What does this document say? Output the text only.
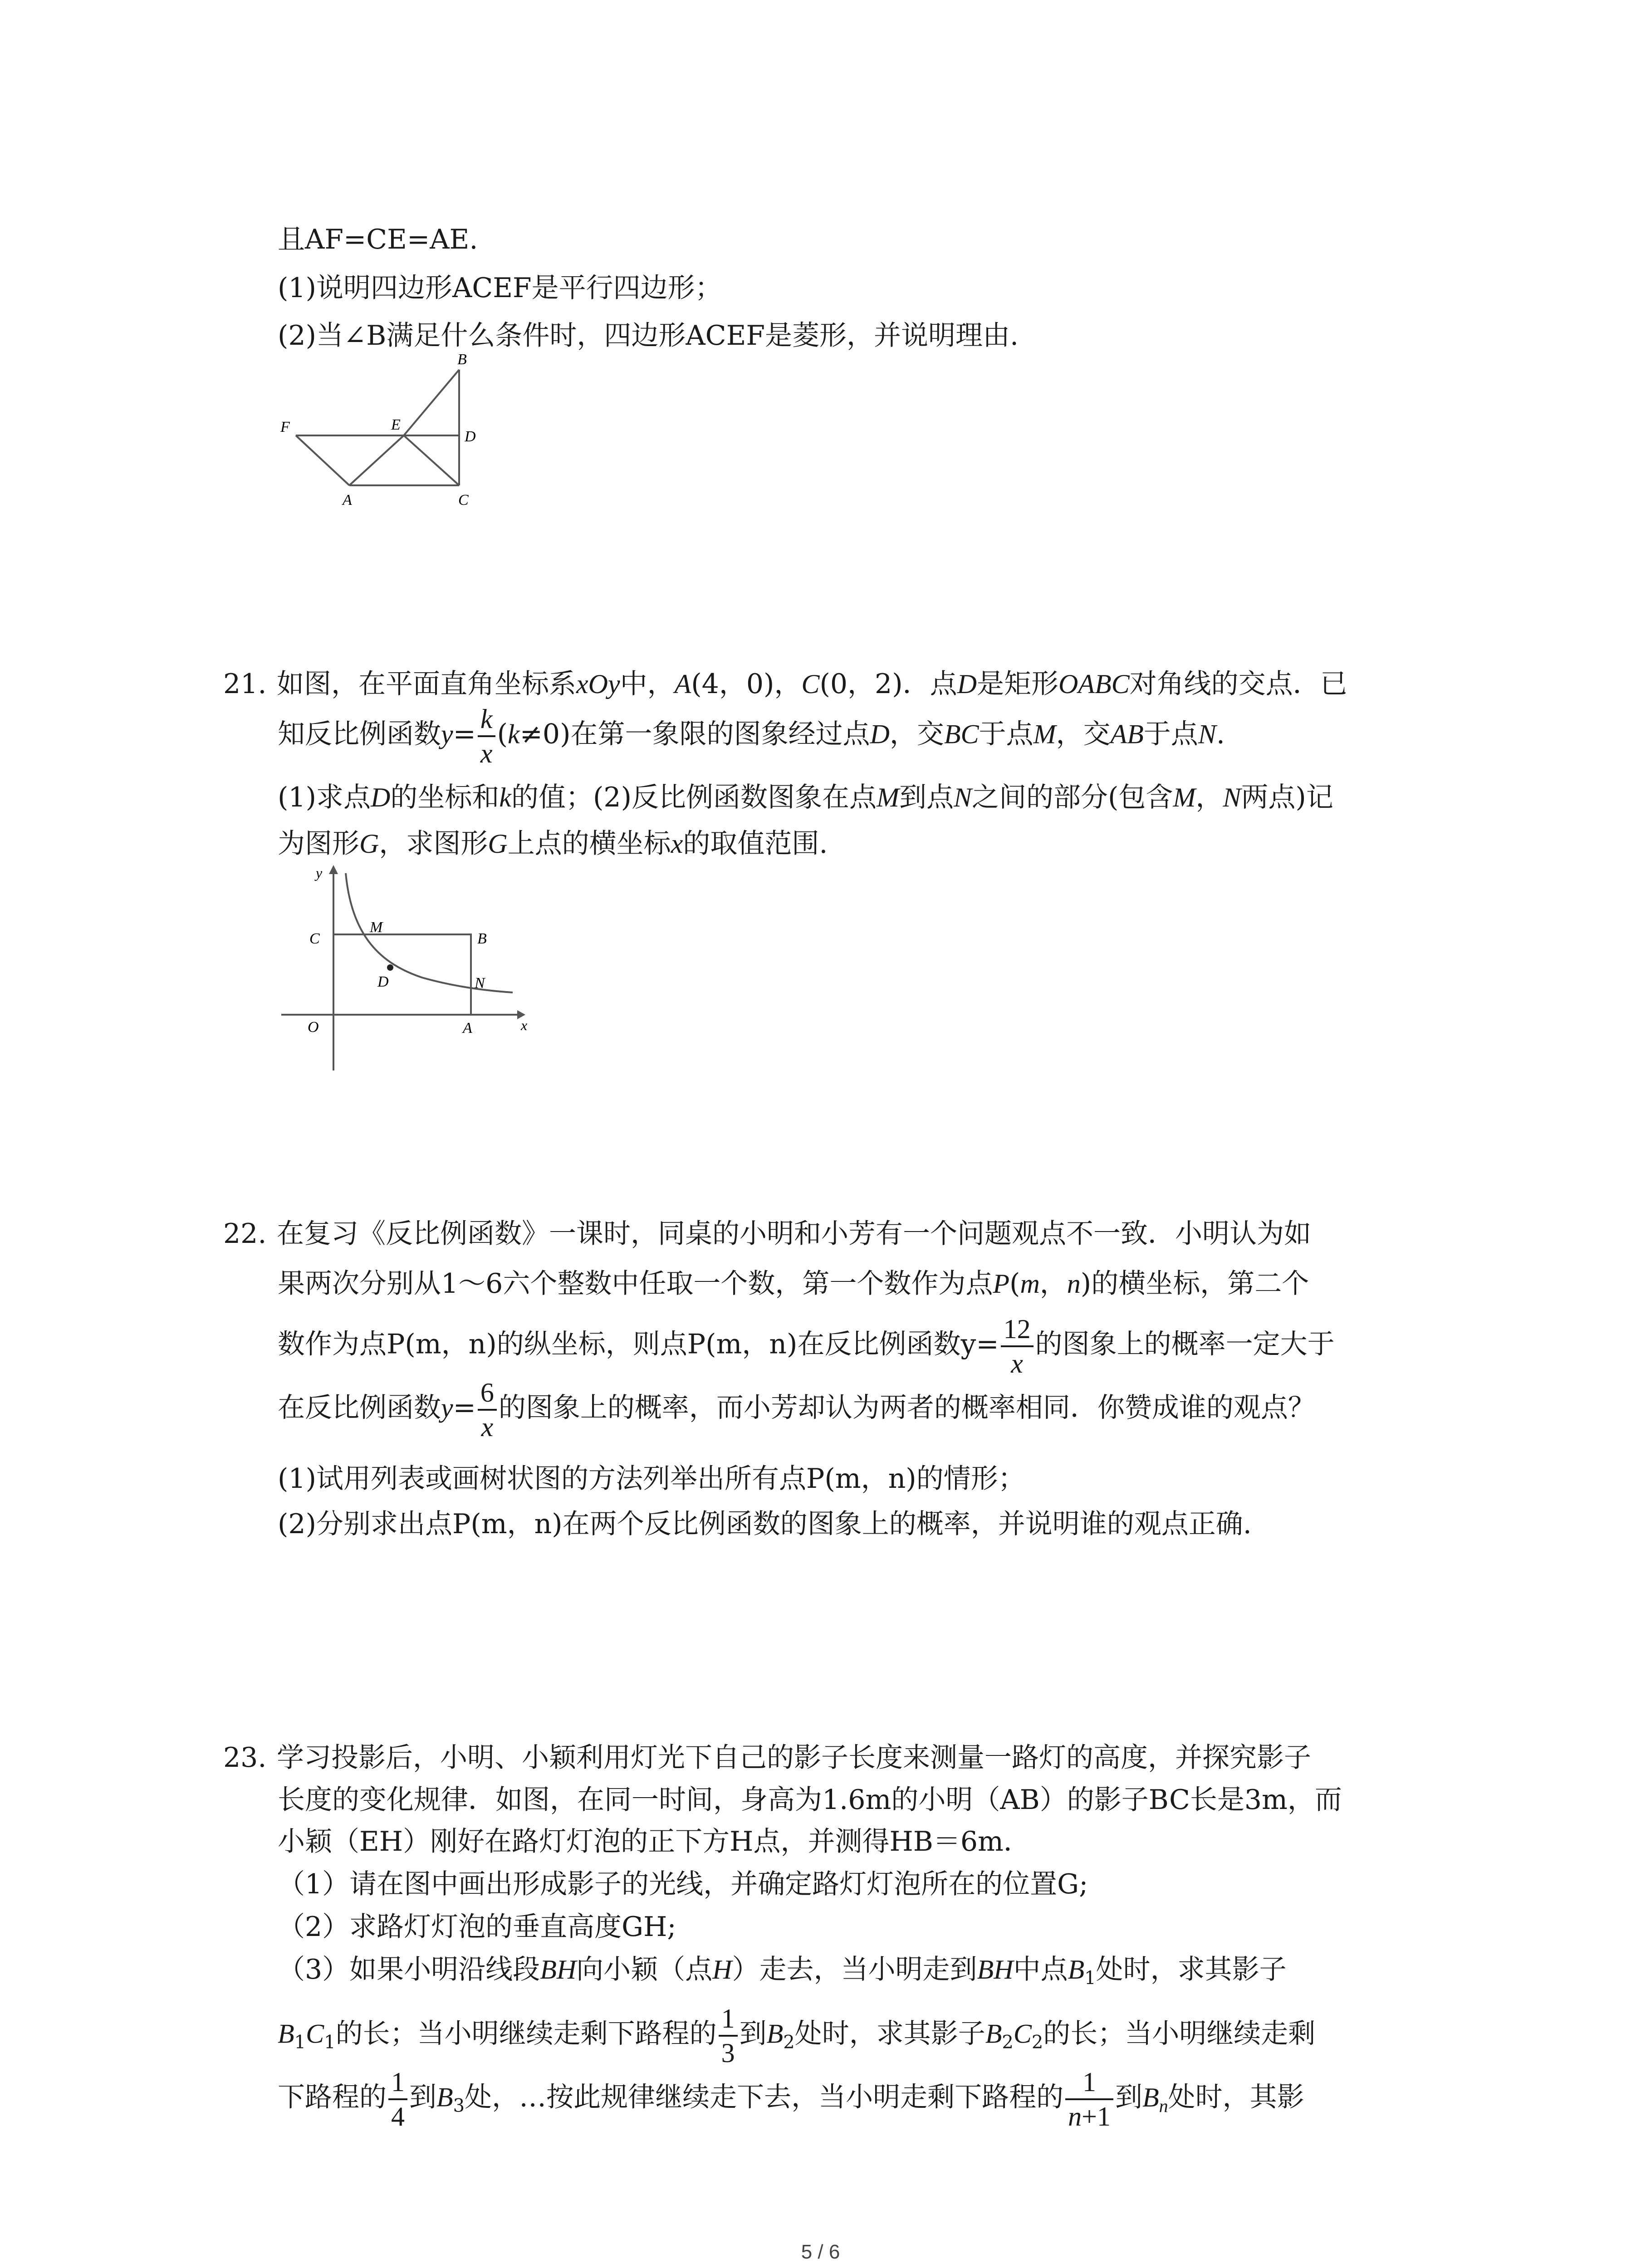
且AF=CE=AE.
(1)说明四边形ACEF是平行四边形；
(2)当∠B满足什么条件时，四边形ACEF是菱形，并说明理由.
F	E
B
D
A	C
21. 如图，在平面直角坐标系xOy中，A(4，0)，C(0，2)．点D是矩形OABC对角线的交点．已
知反比例函数$y= \frac{k}{x} (k\ne 0)$在第一象限的图象经过点D，交BC于点M，交AB于点N.
(1)求点D的坐标和k的值；(2)反比例函数图象在点M到点N之间的部分(包含M，N两点)记
为图形G，求图形G上点的横坐标x的取值范围.
y
x
O
C
M
B
D	N
A
22. 在复习《反比例函数》一课时，同桌的小明和小芳有一个问题观点不一致．小明认为如
果两次分别从1～6六个整数中任取一个数，第一个数作为点P(m，n)的横坐标，第二个
数作为点P(m，n)的纵坐标，则点P(m，n)在反比例函数$y= \frac{12}{x}$ 的图象上的概率一定大于
在反比例函数$y= \frac{6}{x}$ 的图象上的概率，而小芳却认为两者的概率相同．你赞成谁的观点？
(1)试用列表或画树状图的方法列举出所有点P(m，n)的情形；
(2)分别求出点P(m，n)在两个反比例函数的图象上的概率，并说明谁的观点正确.
23. 学习投影后，小明、小颖利用灯光下自己的影子长度来测量一路灯的高度，并探究影子
长度的变化规律．如图，在同一时间，身高为1.6m的小明（AB）的影子BC长是3m，而
小颖（EH）刚好在路灯灯泡的正下方H点，并测得HB＝6m．
（1）请在图中画出形成影子的光线，并确定路灯灯泡所在的位置G;
（2）求路灯灯泡的垂直高度GH;
（3）如果小明沿线段BH向小颖（点H）走去，当小明走到BH中点$B_1$处时，求其影子
$B_1C_1$的长；当小明继续走剩下路程的 $\frac{1}{3}$ 到$B_2$处时，求其影子$B_2C_2$的长；当小明继续走剩
下路程的 $\frac{1}{4}$ 到$B_3$处，…按此规律继续走下去，当小明走剩下路程的 $\frac{1}{n+1}$ 到$B_n$处时，其影
5 / 6
